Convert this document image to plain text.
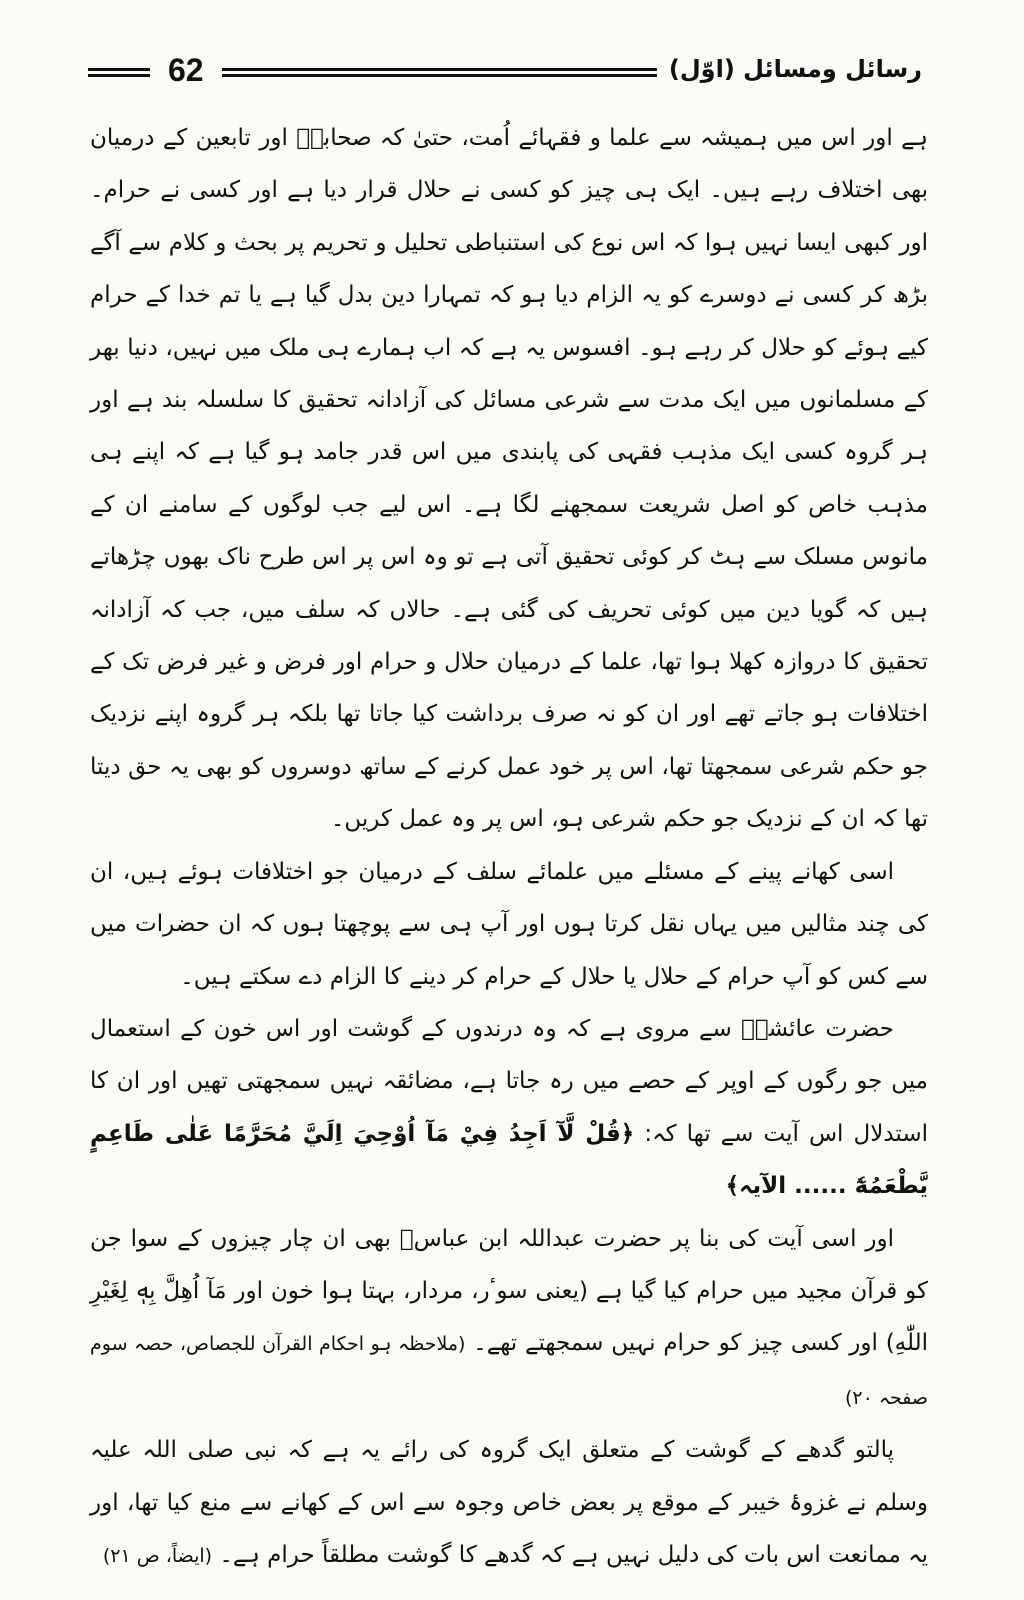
62	رسائل ومسائل (اوّل)

ہے اور اس میں ہمیشہ سے علما و فقہائے اُمت، حتیٰ کہ صحابہؓ اور تابعین کے درمیان بھی اختلاف رہے ہیں۔ ایک ہی چیز کو کسی نے حلال قرار دیا ہے اور کسی نے حرام۔ اور کبھی ایسا نہیں ہوا کہ اس نوع کی استنباطی تحلیل و تحریم پر بحث و کلام سے آگے بڑھ کر کسی نے دوسرے کو یہ الزام دیا ہو کہ تمہارا دین بدل گیا ہے یا تم خدا کے حرام کیے ہوئے کو حلال کر رہے ہو۔ افسوس یہ ہے کہ اب ہمارے ہی ملک میں نہیں، دنیا بھر کے مسلمانوں میں ایک مدت سے شرعی مسائل کی آزادانہ تحقیق کا سلسلہ بند ہے اور ہر گروہ کسی ایک مذہب فقہی کی پابندی میں اس قدر جامد ہو گیا ہے کہ اپنے ہی مذہب خاص کو اصل شریعت سمجھنے لگا ہے۔ اس لیے جب لوگوں کے سامنے ان کے مانوس مسلک سے ہٹ کر کوئی تحقیق آتی ہے تو وہ اس پر اس طرح ناک بھوں چڑھاتے ہیں کہ گویا دین میں کوئی تحریف کی گئی ہے۔ حالاں کہ سلف میں، جب کہ آزادانہ تحقیق کا دروازہ کھلا ہوا تھا، علما کے درمیان حلال و حرام اور فرض و غیر فرض تک کے اختلافات ہو جاتے تھے اور ان کو نہ صرف برداشت کیا جاتا تھا بلکہ ہر گروہ اپنے نزدیک جو حکم شرعی سمجھتا تھا، اس پر خود عمل کرنے کے ساتھ دوسروں کو بھی یہ حق دیتا تھا کہ ان کے نزدیک جو حکم شرعی ہو، اس پر وہ عمل کریں۔

اسی کھانے پینے کے مسئلے میں علمائے سلف کے درمیان جو اختلافات ہوئے ہیں، ان کی چند مثالیں میں یہاں نقل کرتا ہوں اور آپ ہی سے پوچھتا ہوں کہ ان حضرات میں سے کس کو آپ حرام کے حلال یا حلال کے حرام کر دینے کا الزام دے سکتے ہیں۔

حضرت عائشہؓ سے مروی ہے کہ وہ درندوں کے گوشت اور اس خون کے استعمال میں جو رگوں کے اوپر کے حصے میں رہ جاتا ہے، مضائقہ نہیں سمجھتی تھیں اور ان کا استدلال اس آیت سے تھا کہ: ﴿قُلْ لَّآ اَجِدُ فِيْ مَآ اُوْحِيَ اِلَيَّ مُحَرَّمًا عَلٰى طَاعِمٍ يَّطْعَمُهٗٓ ...... الآیہ﴾

اور اسی آیت کی بنا پر حضرت عبداللہ ابن عباسؓ بھی ان چار چیزوں کے سوا جن کو قرآن مجید میں حرام کیا گیا ہے (یعنی سوٴر، مردار، بہتا ہوا خون اور مَآ اُهِلَّ بِهٖ لِغَيْرِ اللّٰهِ) اور کسی چیز کو حرام نہیں سمجھتے تھے۔ (ملاحظہ ہو احکام القرآن للجصاص، حصہ سوم صفحہ ۲۰)

پالتو گدھے کے گوشت کے متعلق ایک گروہ کی رائے یہ ہے کہ نبی صلی اللہ علیہ وسلم نے غزوۂ خیبر کے موقع پر بعض خاص وجوہ سے اس کے کھانے سے منع کیا تھا، اور یہ ممانعت اس بات کی دلیل نہیں ہے کہ گدھے کا گوشت مطلقاً حرام ہے۔ (ایضاً، ص ۲۱)
